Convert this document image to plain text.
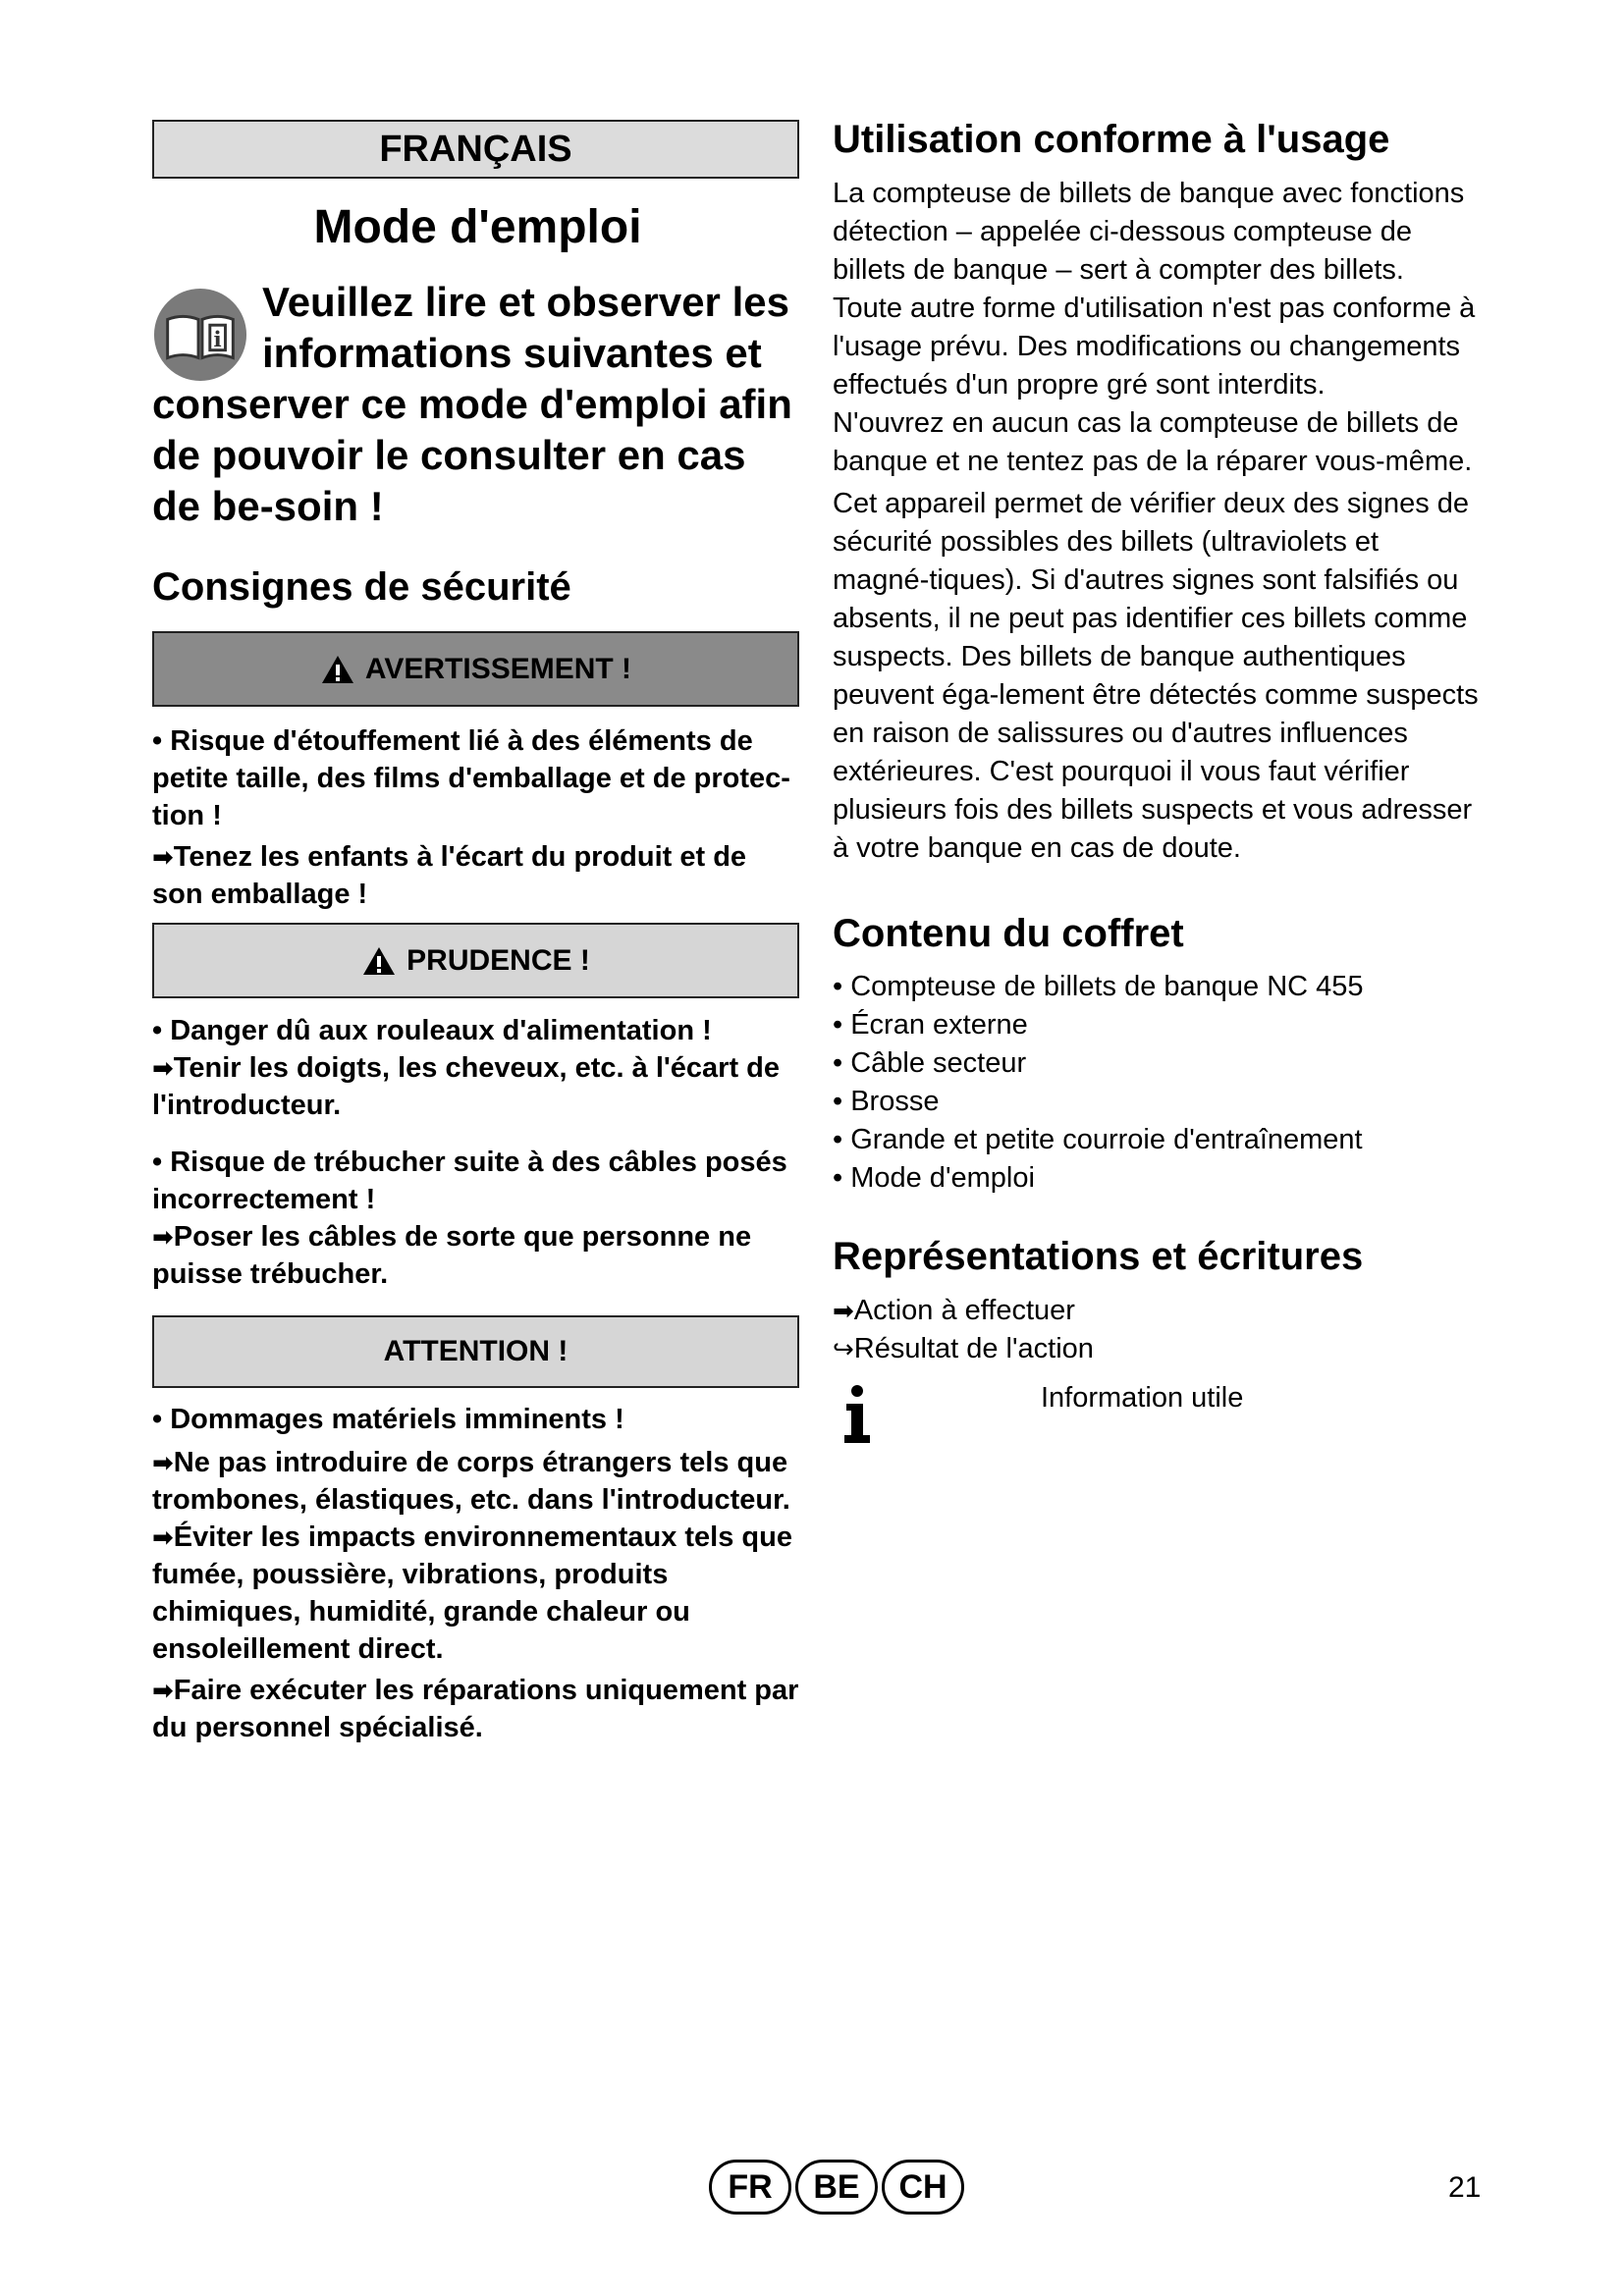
FRANÇAIS
Mode d'emploi
i
Veuillez lire et observer les
informations suivantes et
conserver ce mode d'emploi afin de pouvoir le consulter en cas de be-soin !
Consignes de sécurité
AVERTISSEMENT !

• Risque d'étouffement lié à des éléments de petite taille, des films d'emballage et de protec-tion !

➡Tenez les enfants à l'écart du produit et de son emballage !

PRUDENCE !

• Danger dû aux rouleaux d'alimentation !

➡Tenir les doigts, les cheveux, etc. à l'écart de l'introducteur.

• Risque de trébucher suite à des câbles posés incorrectement !

➡Poser les câbles de sorte que personne ne puisse trébucher.

ATTENTION !

• Dommages matériels imminents !

➡Ne pas introduire de corps étrangers tels que trombones, élastiques, etc. dans l'introducteur.

➡Éviter les impacts environnementaux tels que fumée, poussière, vibrations, produits chimiques, humidité, grande chaleur ou ensoleillement direct.

➡Faire exécuter les réparations uniquement par du personnel spécialisé.

Utilisation conforme à l'usage

La compteuse de billets de banque avec fonctions détection – appelée ci-dessous compteuse de billets de banque – sert à compter des billets. Toute autre forme d'utilisation n'est pas conforme à l'usage prévu. Des modifications ou changements effectués d'un propre gré sont interdits.

N'ouvrez en aucun cas la compteuse de billets de banque et ne tentez pas de la réparer vous-même.

Cet appareil permet de vérifier deux des signes de sécurité possibles des billets (ultraviolets et magné-tiques). Si d'autres signes sont falsifiés ou absents, il ne peut pas identifier ces billets comme suspects. Des billets de banque authentiques peuvent éga-lement être détectés comme suspects en raison de salissures ou d'autres influences extérieures. C'est pourquoi il vous faut vérifier plusieurs fois des billets suspects et vous adresser à votre banque en cas de doute.

Contenu du coffret
• Compteuse de billets de banque NC 455
• Écran externe
• Câble secteur
• Brosse
• Grande et petite courroie d'entraînement
• Mode d'emploi
Représentations et écritures

➡Action à effectuer

↪Résultat de l'action

Information utile
FR	BE	CH	21
